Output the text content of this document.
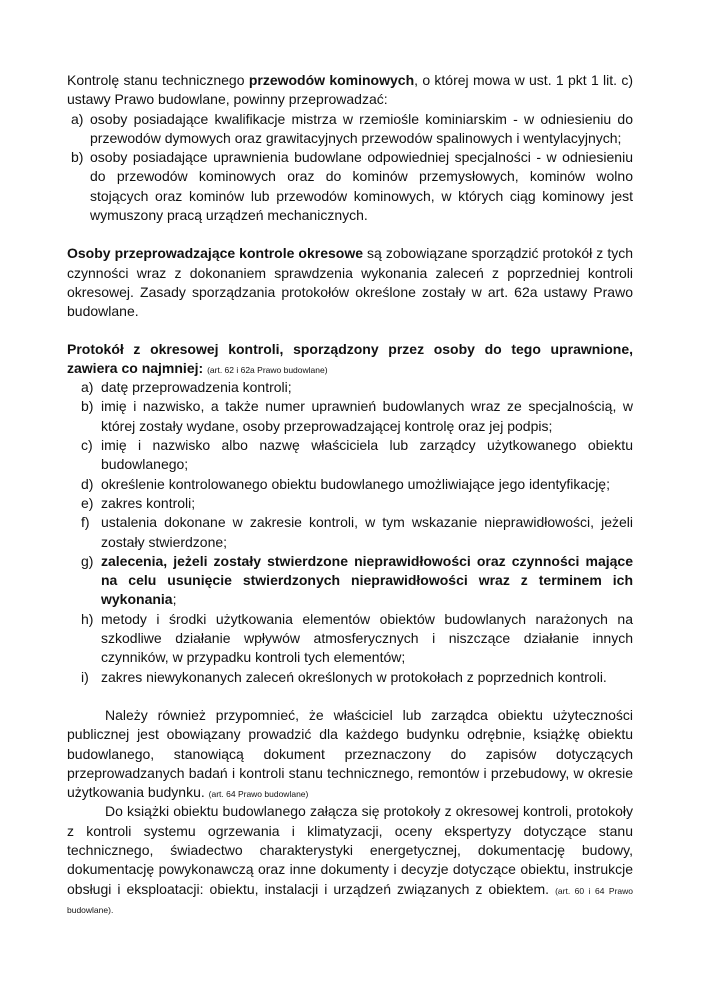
Kontrolę stanu technicznego przewodów kominowych, o której mowa w ust. 1 pkt 1 lit. c) ustawy Prawo budowlane, powinny przeprowadzać:

a) osoby posiadające kwalifikacje mistrza w rzemiośle kominiarskim - w odniesieniu do przewodów dymowych oraz grawitacyjnych przewodów spalinowych i wentylacyjnych;
b) osoby posiadające uprawnienia budowlane odpowiedniej specjalności - w odniesieniu do przewodów kominowych oraz do kominów przemysłowych, kominów wolno stojących oraz kominów lub przewodów kominowych, w których ciąg kominowy jest wymuszony pracą urządzeń mechanicznych.

Osoby przeprowadzające kontrole okresowe są zobowiązane sporządzić protokół z tych czynności wraz z dokonaniem sprawdzenia wykonania zaleceń z poprzedniej kontroli okresowej. Zasady sporządzania protokołów określone zostały w art. 62a ustawy Prawo budowlane.

Protokół z okresowej kontroli, sporządzony przez osoby do tego uprawnione, zawiera co najmniej: (art. 62 i 62a Prawo budowlane)

a) datę przeprowadzenia kontroli;
b) imię i nazwisko, a także numer uprawnień budowlanych wraz ze specjalnością, w której zostały wydane, osoby przeprowadzającej kontrolę oraz jej podpis;
c) imię i nazwisko albo nazwę właściciela lub zarządcy użytkowanego obiektu budowlanego;
d) określenie kontrolowanego obiektu budowlanego umożliwiające jego identyfikację;
e) zakres kontroli;
f) ustalenia dokonane w zakresie kontroli, w tym wskazanie nieprawidłowości, jeżeli zostały stwierdzone;
g) zalecenia, jeżeli zostały stwierdzone nieprawidłowości oraz czynności mające na celu usunięcie stwierdzonych nieprawidłowości wraz z terminem ich wykonania;
h) metody i środki użytkowania elementów obiektów budowlanych narażonych na szkodliwe działanie wpływów atmosferycznych i niszczące działanie innych czynników, w przypadku kontroli tych elementów;
i) zakres niewykonanych zaleceń określonych w protokołach z poprzednich kontroli.

Należy również przypomnieć, że właściciel lub zarządca obiektu użyteczności publicznej jest obowiązany prowadzić dla każdego budynku odrębnie, książkę obiektu budowlanego, stanowiącą dokument przeznaczony do zapisów dotyczących przeprowadzanych badań i kontroli stanu technicznego, remontów i przebudowy, w okresie użytkowania budynku. (art. 64 Prawo budowlane)

Do książki obiektu budowlanego załącza się protokoły z okresowej kontroli, protokoły z kontroli systemu ogrzewania i klimatyzacji, oceny ekspertyzy dotyczące stanu technicznego, świadectwo charakterystyki energetycznej, dokumentację budowy, dokumentację powykonawczą oraz inne dokumenty i decyzje dotyczące obiektu, instrukcje obsługi i eksploatacji: obiektu, instalacji i urządzeń związanych z obiektem. (art. 60 i 64 Prawo budowlane).
